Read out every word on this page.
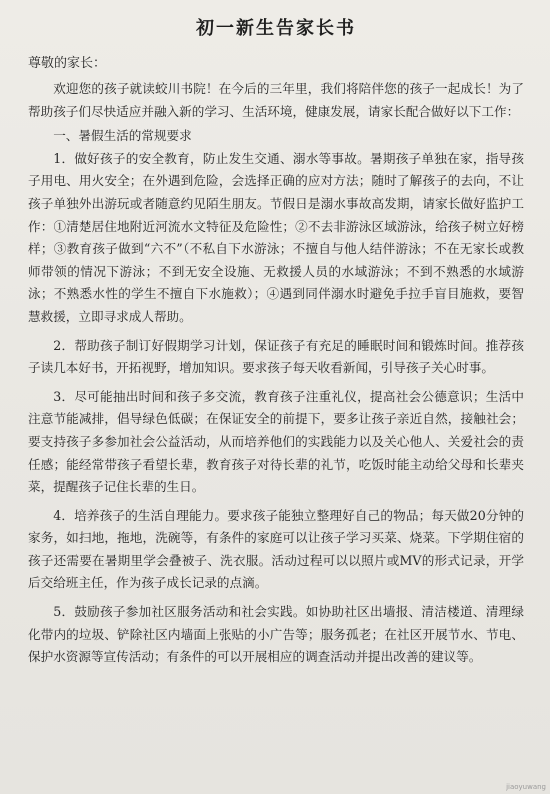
初一新生告家长书
尊敬的家长：

欢迎您的孩子就读蛟川书院！在今后的三年里，我们将陪伴您的孩子一起成长！为了帮助孩子们尽快适应并融入新的学习、生活环境，健康发展，请家长配合做好以下工作：

一、暑假生活的常规要求

1．做好孩子的安全教育，防止发生交通、溺水等事故。暑期孩子单独在家，指导孩子用电、用火安全；在外遇到危险，会选择正确的应对方法；随时了解孩子的去向，不让孩子单独外出游玩或者随意约见陌生朋友。节假日是溺水事故高发期，请家长做好监护工作：①清楚居住地附近河流水文特征及危险性；②不去非游泳区域游泳，给孩子树立好榜样；③教育孩子做到“六不”（不私自下水游泳；不擅自与他人结伴游泳；不在无家长或教师带领的情况下游泳；不到无安全设施、无救援人员的水域游泳；不到不熟悉的水域游泳；不熟悉水性的学生不擅自下水施救）；④遇到同伴溺水时避免手拉手盲目施救，要智慧救援，立即寻求成人帮助。

2．帮助孩子制订好假期学习计划，保证孩子有充足的睡眠时间和锻炼时间。推荐孩子读几本好书，开拓视野，增加知识。要求孩子每天收看新闻，引导孩子关心时事。

3．尽可能抽出时间和孩子多交流，教育孩子注重礼仪，提高社会公德意识；生活中注意节能减排，倡导绿色低碳；在保证安全的前提下，要多让孩子亲近自然，接触社会；要支持孩子多参加社会公益活动，从而培养他们的实践能力以及关心他人、关爱社会的责任感；能经常带孩子看望长辈，教育孩子对待长辈的礼节，吃饭时能主动给父母和长辈夹菜，提醒孩子记住长辈的生日。

4．培养孩子的生活自理能力。要求孩子能独立整理好自己的物品；每天做20分钟的家务，如扫地，拖地，洗碗等，有条件的家庭可以让孩子学习买菜、烧菜。下学期住宿的孩子还需要在暑期里学会叠被子、洗衣服。活动过程可以以照片或MV的形式记录，开学后交给班主任，作为孩子成长记录的点滴。

5．鼓励孩子参加社区服务活动和社会实践。如协助社区出墙报、清洁楼道、清理绿化带内的垃圾、铲除社区内墙面上张贴的小广告等；服务孤老；在社区开展节水、节电、保护水资源等宣传活动；有条件的可以开展相应的调查活动并提出改善的建议等。

jiaoyuwang
